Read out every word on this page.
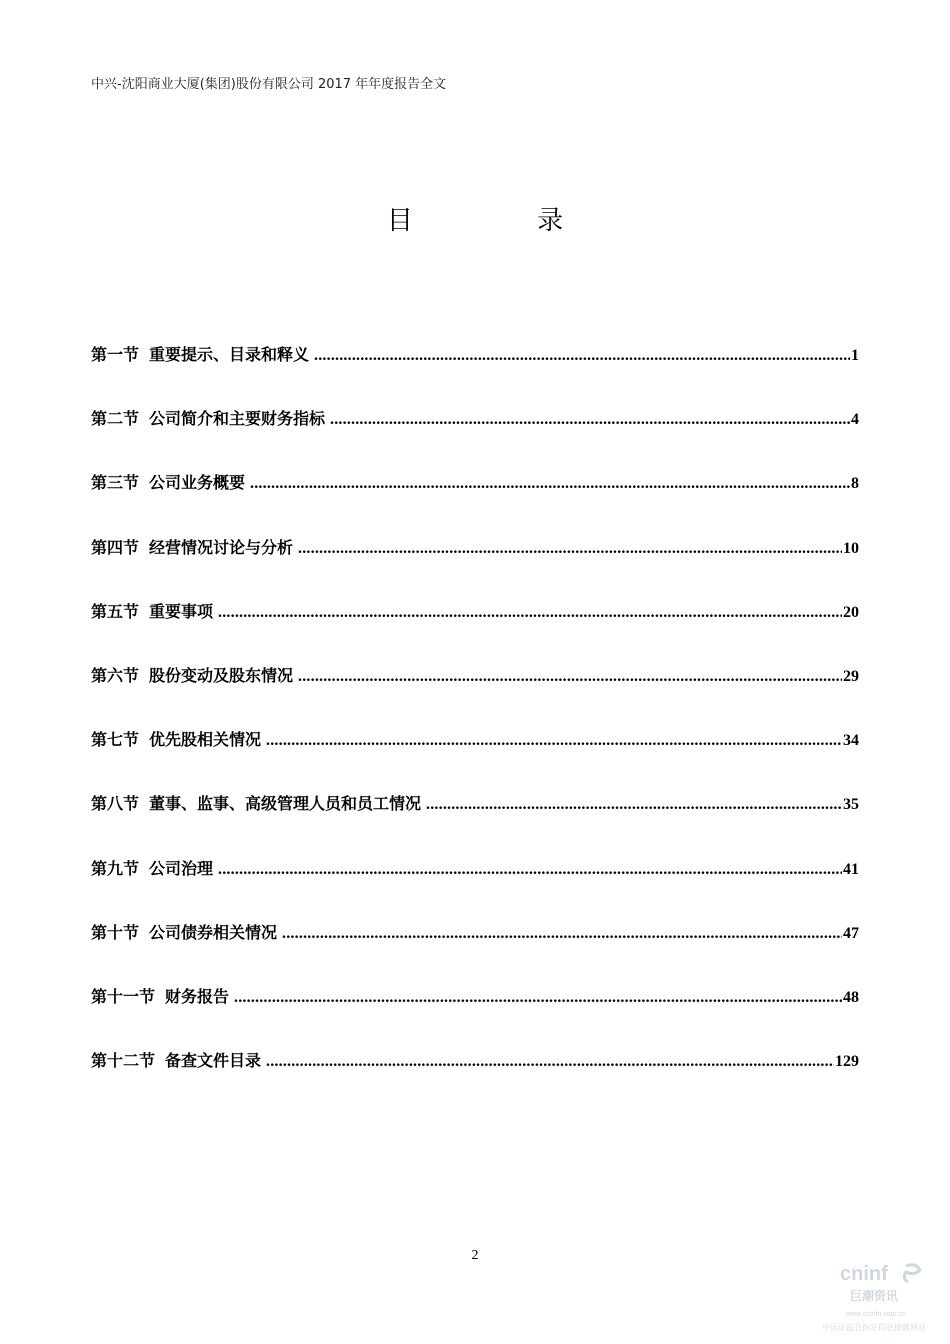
中兴-沈阳商业大厦(集团)股份有限公司 2017 年年度报告全文
目 录
第一节 重要提示、目录和释义 .....	1
第二节 公司简介和主要财务指标 .....	4
第三节 公司业务概要 .....	8
第四节 经营情况讨论与分析 .....	10
第五节 重要事项 .....	20
第六节 股份变动及股东情况 .....	29
第七节 优先股相关情况 .....	34
第八节 董事、监事、高级管理人员和员工情况 .....	35
第九节 公司治理 .....	41
第十节 公司债券相关情况 .....	47
第十一节 财务报告 .....	48
第十二节 备查文件目录 .....	129
2
cninf
巨潮资讯
www.cninfo.com.cn
中国证监会指定信息披露网站
